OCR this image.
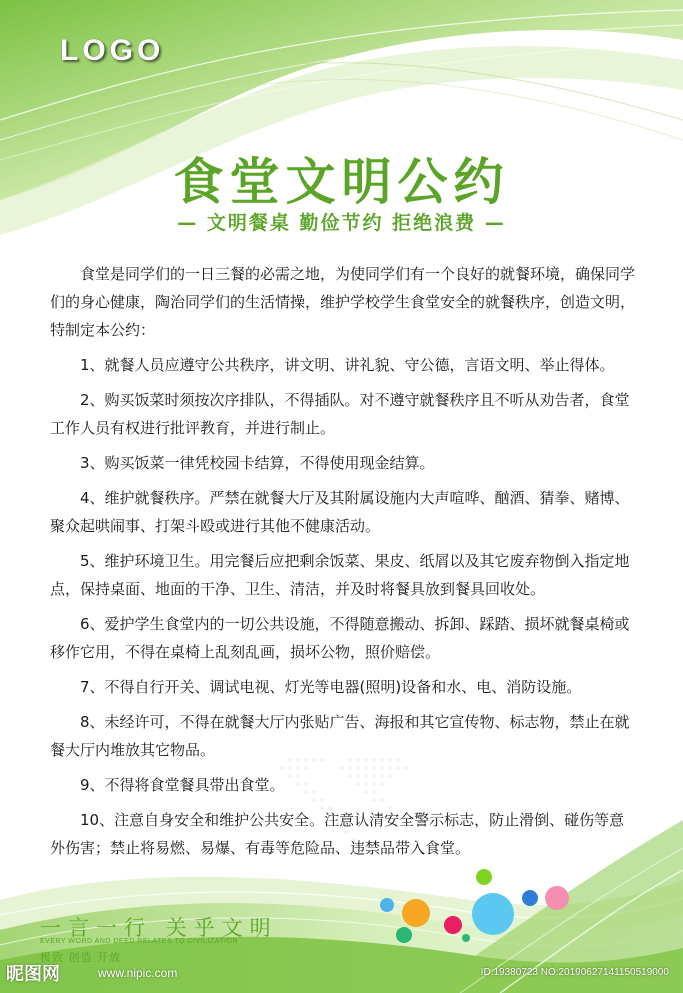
LOGO
食堂文明公约
— 文明餐桌 勤俭节约 拒绝浪费 —

食堂是同学们的一日三餐的必需之地，为使同学们有一个良好的就餐环境，确保同学们的身心健康，陶治同学们的生活情操，维护学校学生食堂安全的就餐秩序，创造文明，特制定本公约：

1、就餐人员应遵守公共秩序，讲文明、讲礼貌、守公德，言语文明、举止得体。

2、购买饭菜时须按次序排队，不得插队。对不遵守就餐秩序且不听从劝告者，食堂工作人员有权进行批评教育，并进行制止。

3、购买饭菜一律凭校园卡结算，不得使用现金结算。

4、维护就餐秩序。严禁在就餐大厅及其附属设施内大声喧哗、酗酒、猜拳、赌博、聚众起哄闹事、打架斗殴或进行其他不健康活动。

5、维护环境卫生。用完餐后应把剩余饭菜、果皮、纸屑以及其它废弃物倒入指定地点，保持桌面、地面的干净、卫生、清洁，并及时将餐具放到餐具回收处。

6、爱护学生食堂内的一切公共设施，不得随意搬动、拆卸、踩踏、损坏就餐桌椅或移作它用，不得在桌椅上乱刻乱画，损坏公物，照价赔偿。

7、不得自行开关、调试电视、灯光等电器(照明)设备和水、电、消防设施。

8、未经许可，不得在就餐大厅内张贴广告、海报和其它宣传物、标志物，禁止在就餐大厅内堆放其它物品。

9、不得将食堂餐具带出食堂。

10、注意自身安全和维护公共安全。注意认清安全警示标志，防止滑倒、碰伤等意外伤害；禁止将易燃、易爆、有毒等危险品、违禁品带入食堂。

一言一行 关乎文明
EVERY WORD AND DEED RELATES TO CIVILIZATION
极致 创造 开放
昵图网	www.nipic.com	ID:19380723 NO:20190627141150519000
